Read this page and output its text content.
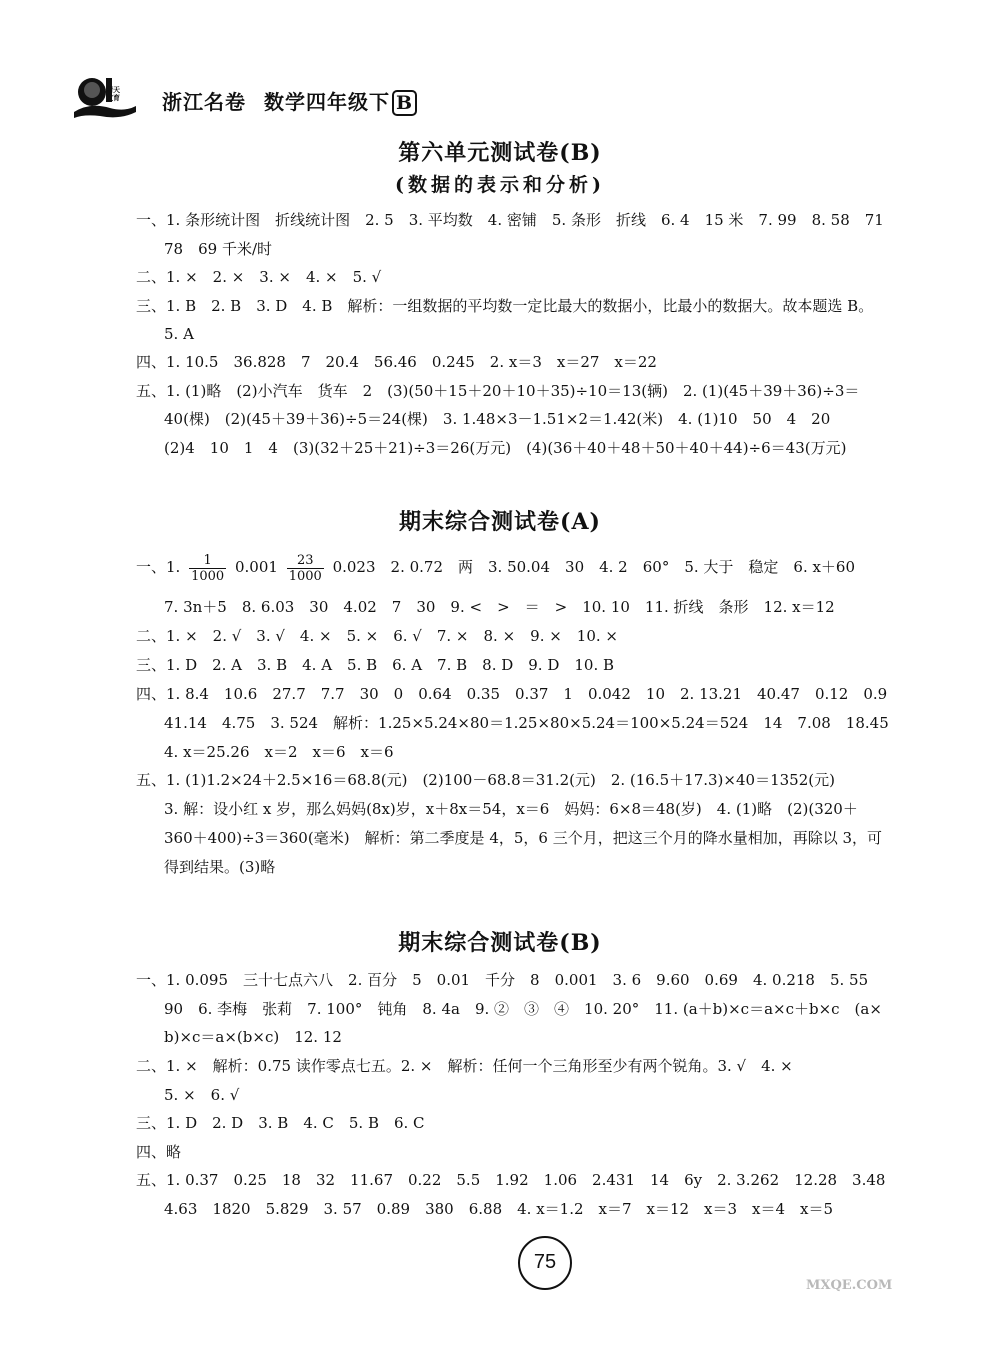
晴天教育	浙江名卷 数学四年级下 B
第六单元测试卷(B)
(数据的表示和分析)
一、1. 条形统计图　折线统计图　2. 5　3. 平均数　4. 密铺　5. 条形　折线　6. 4　15 米　7. 99　8. 58　71
78　69 千米/时
二、1. ×　2. ×　3. ×　4. ×　5. √
三、1. B　2. B　3. D　4. B　解析：一组数据的平均数一定比最大的数据小，比最小的数据大。故本题选 B。
5. A
四、1. 10.5　36.828　7　20.4　56.46　0.245　2. x＝3　x＝27　x＝22
五、1. (1)略　(2)小汽车　货车　2　(3)(50＋15＋20＋10＋35)÷10＝13(辆)　2. (1)(45＋39＋36)÷3＝
40(棵)　(2)(45＋39＋36)÷5＝24(棵)　3. 1.48×3－1.51×2＝1.42(米)　4. (1)10　50　4　20
(2)4　10　1　4　(3)(32＋25＋21)÷3＝26(万元)　(4)(36＋40＋48＋50＋40＋44)÷6＝43(万元)
期末综合测试卷(A)
一、1. $\frac{1}{1000} 0.001 \frac{23}{1000} 0.023$　2. 0.72　两　3. 50.04　30　4. 2　60°　5. 大于　稳定　6. x＋60
7. 3n＋5　8. 6.03　30　4.02　7　30　9. <　>　＝　>　10. 10　11. 折线　条形　12. x＝12
二、1. ×　2. √　3. √　4. ×　5. ×　6. √　7. ×　8. ×　9. ×　10. ×
三、1. D　2. A　3. B　4. A　5. B　6. A　7. B　8. D　9. D　10. B
四、1. 8.4　10.6　27.7　7.7　30　0　0.64　0.35　0.37　1　0.042　10　2. 13.21　40.47　0.12　0.9
41.14　4.75　3. 524　解析：1.25×5.24×80＝1.25×80×5.24＝100×5.24＝524　14　7.08　18.45
4. x＝25.26　x＝2　x＝6　x＝6
五、1. (1)1.2×24＋2.5×16＝68.8(元)　(2)100－68.8＝31.2(元)　2. (16.5＋17.3)×40＝1352(元)
3. 解：设小红 x 岁，那么妈妈(8x)岁，x＋8x＝54，x＝6　妈妈：6×8＝48(岁)　4. (1)略　(2)(320＋
360＋400)÷3＝360(毫米)　解析：第二季度是 4，5，6 三个月，把这三个月的降水量相加，再除以 3，可
得到结果。(3)略
期末综合测试卷(B)
一、1. 0.095　三十七点六八　2. 百分　5　0.01　千分　8　0.001　3. 6　9.60　0.69　4. 0.218　5. 55
90　6. 李梅　张莉　7. 100°　钝角　8. 4a　9. ②　③　④　10. 20°　11. (a＋b)×c＝a×c＋b×c　(a×
b)×c＝a×(b×c)　12. 12
二、1. ×　解析：0.75 读作零点七五。2. ×　解析：任何一个三角形至少有两个锐角。3. √　4. ×
5. ×　6. √
三、1. D　2. D　3. B　4. C　5. B　6. C
四、略
五、1. 0.37　0.25　18　32　11.67　0.22　5.5　1.92　1.06　2.431　14　6y　2. 3.262　12.28　3.48
4.63　1820　5.829　3. 57　0.89　380　6.88　4. x＝1.2　x＝7　x＝12　x＝3　x＝4　x＝5
75
MXQE.COM
